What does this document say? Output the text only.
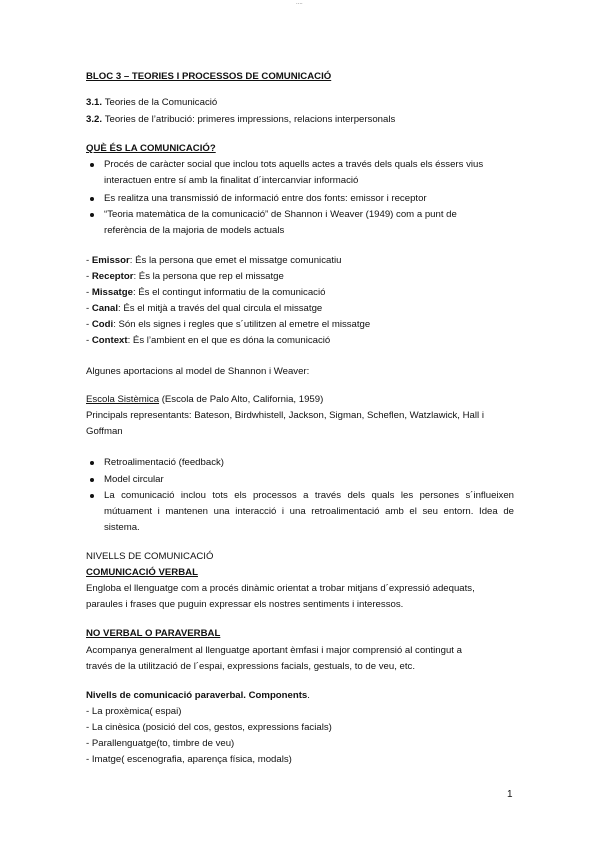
....
BLOC 3 – TEORIES I PROCESSOS DE COMUNICACIÓ
3.1. Teories de la Comunicació
3.2. Teories de l’atribució: primeres impressions, relacions interpersonals
QUÈ ÉS LA COMUNICACIÓ?
Procés de caràcter social que inclou tots aquells actes a través dels quals els éssers vius
interactuen entre sí amb la finalitat d´intercanviar informació
Es realitza una transmissió de informació entre dos fonts: emissor i receptor
“Teoria matemàtica de la comunicació” de Shannon i Weaver (1949) com a punt de
referència de la majoria de models actuals
- Emissor: És la persona que emet el missatge comunicatiu
- Receptor: És la persona que rep el missatge
- Missatge: És el contingut informatiu de la comunicació
- Canal: És el mitjà a través del qual circula el missatge
- Codi: Són els signes i regles que s´utilitzen al emetre el missatge
- Context: És l’ambient en el que es dóna la comunicació
Algunes aportacions al model de Shannon i Weaver:
Escola Sistèmica (Escola de Palo Alto, California, 1959)
Principals representants: Bateson, Birdwhistell, Jackson, Sigman, Scheflen, Watzlawick, Hall i
Goffman
Retroalimentació (feedback)
Model circular
La comunicació inclou tots els processos a través dels quals les persones s´influeixen
mútuament i mantenen una interacció i una retroalimentació amb el seu entorn. Idea de
sistema.
NIVELLS DE COMUNICACIÓ
COMUNICACIÓ VERBAL
Engloba el llenguatge com a procés dinàmic orientat a trobar mitjans d´expressió adequats,
paraules i frases que puguin expressar els nostres sentiments i interessos.
NO VERBAL O PARAVERBAL
Acompanya generalment al llenguatge aportant èmfasi i major comprensió al contingut a
través de la utilització de l´espai, expressions facials, gestuals, to de veu, etc.
Nivells de comunicació paraverbal. Components.
- La proxèmica( espai)
- La cinèsica (posició del cos, gestos, expressions facials)
- Parallenguatge(to, timbre de veu)
- Imatge( escenografia, aparença física, modals)
1
